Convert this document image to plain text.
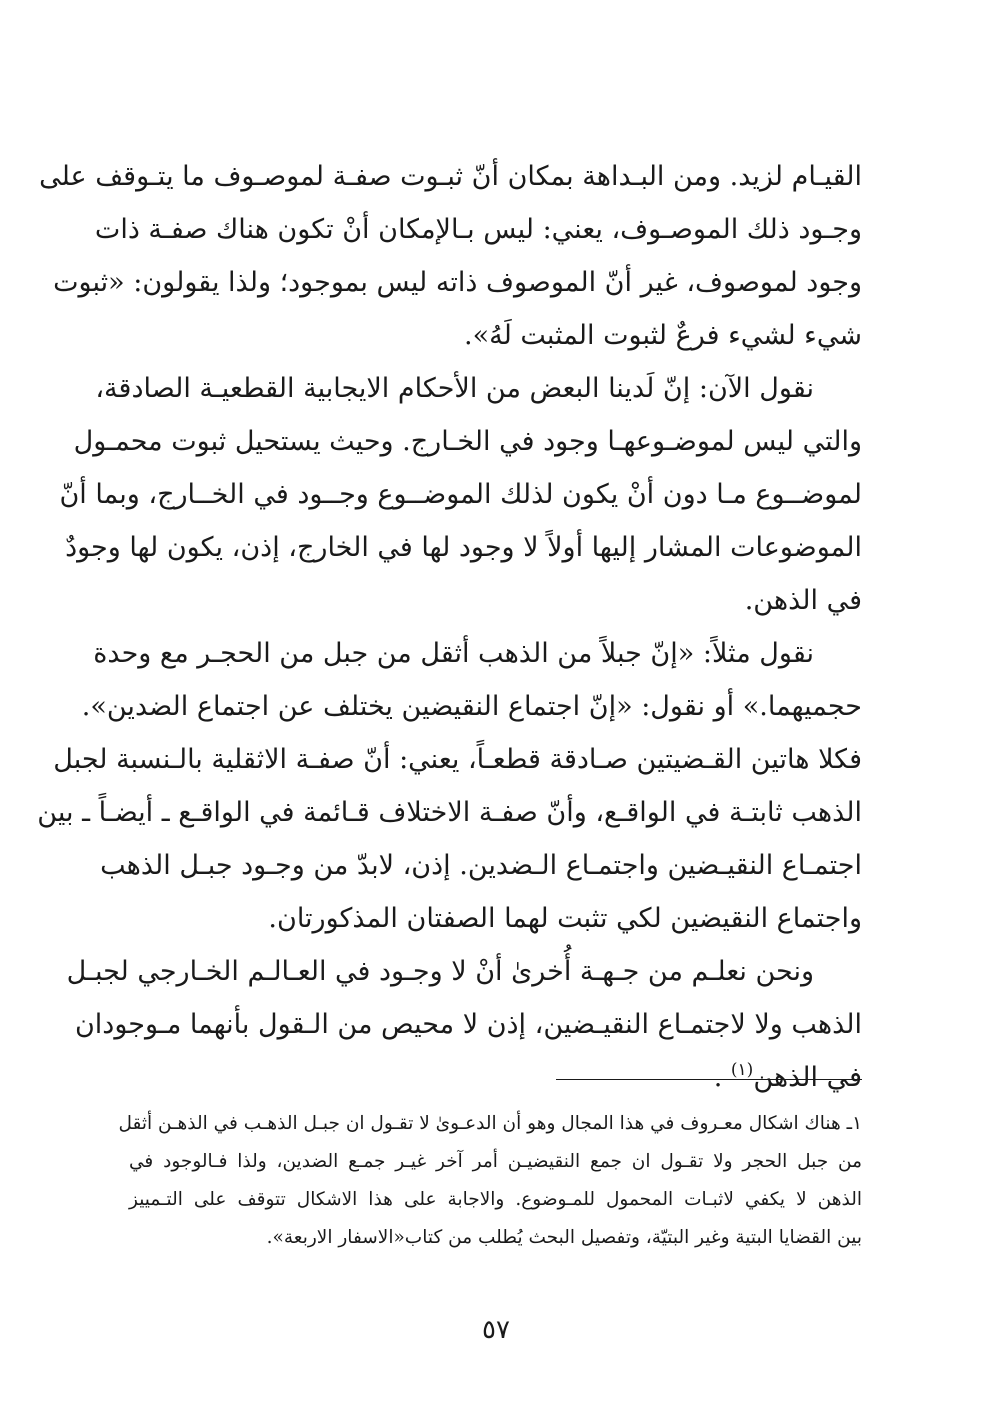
القيـام لزيد. ومن البـداهة بمكان أنّ ثبـوت صفـة لموصـوف ما يتـوقف على
وجـود ذلك الموصـوف، يعني: ليس بـالإمكان أنْ تكون هناك صفـة ذات
وجود لموصوف، غير أنّ الموصوف ذاته ليس بموجود؛ ولذا يقولون: «ثبوت
شيء لشيء فرعٌ لثبوت المثبت لَهُ».
نقول الآن: إنّ لَدينا البعض من الأحكام الايجابية القطعيـة الصادقة،
والتي ليس لموضـوعهـا وجود في الخـارج. وحيث يستحيل ثبوت محمـول
لموضــوع مـا دون أنْ يكون لذلك الموضــوع وجــود في الخــارج، وبما أنّ
الموضوعات المشار إليها أولاً لا وجود لها في الخارج، إذن، يكون لها وجودٌ
في الذهن.
نقول مثلاً: «إنّ جبلاً من الذهب أثقل من جبل من الحجـر مع وحدة
حجميهما.» أو نقول: «إنّ اجتماع النقيضين يختلف عن اجتماع الضدين».
فكلا هاتين القـضيتين صـادقة قطعـاً، يعني: أنّ صفـة الاثقلية بالـنسبة لجبل
الذهب ثابتـة في الواقـع، وأنّ صفـة الاختلاف قـائمة في الواقـع ـ أيضـاً ـ بين
اجتمـاع النقيـضين واجتمـاع الـضدين. إذن، لابدّ من وجـود جبـل الذهب
واجتماع النقيضين لكي تثبت لهما الصفتان المذكورتان.
ونحن نعلـم من جـهـة أُخرىٰ أنْ لا وجـود في العـالـم الخـارجي لجبـل
الذهب ولا لاجتمـاع النقيـضين، إذن لا محيص من الـقول بأنهما مـوجودان
في الذهن$^{(١)}$ .
١ـ هناك اشكال معـروف في هذا المجال وهو أن الدعـوىٰ لا تقـول ان جبـل الذهـب في الذهـن أثقل
من جبل الحجر ولا تقـول ان جمع النقيضيـن أمر آخر غيـر جمـع الضدين، ولذا فـالوجود في
الذهن لا يكفي لاثبـات المحمول للمـوضوع. والاجابة على هذا الاشكال تتوقف على التـمييز
بين القضايا البتية وغير البتيّة، وتفصيل البحث يُطلب من كتاب«الاسفار الاربعة».
٥٧
